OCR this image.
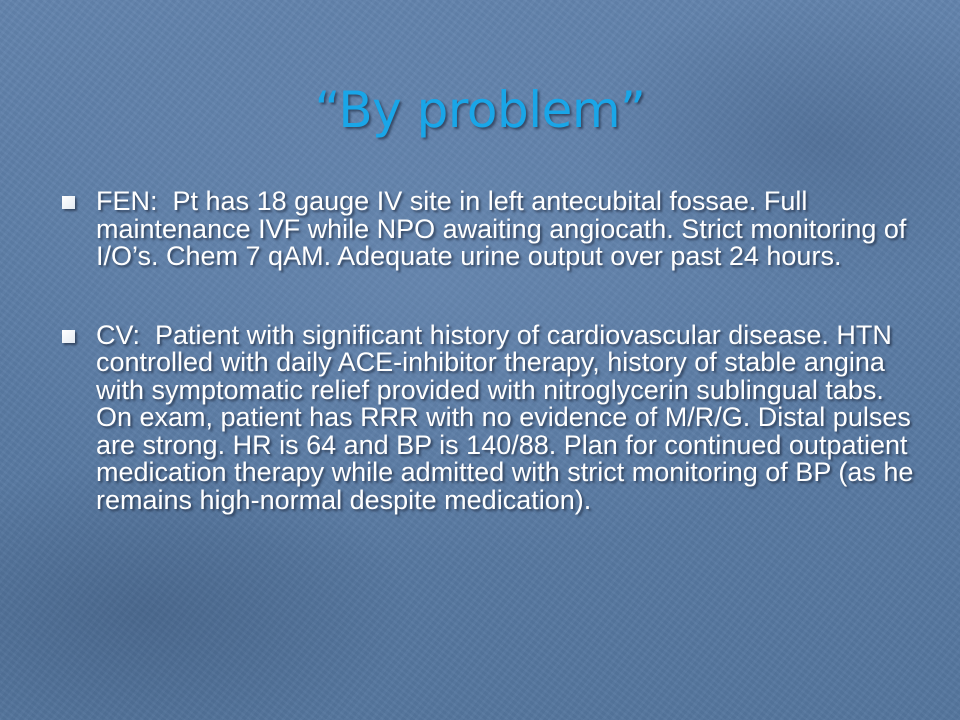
“By problem”
FEN: Pt has 18 gauge IV site in left antecubital fossae. Full maintenance IVF while NPO awaiting angiocath. Strict monitoring of I/O’s. Chem 7 qAM. Adequate urine output over past 24 hours.
CV: Patient with significant history of cardiovascular disease. HTN controlled with daily ACE-inhibitor therapy, history of stable angina with symptomatic relief provided with nitroglycerin sublingual tabs. On exam, patient has RRR with no evidence of M/R/G. Distal pulses are strong. HR is 64 and BP is 140/88. Plan for continued outpatient medication therapy while admitted with strict monitoring of BP (as he remains high-normal despite medication).
